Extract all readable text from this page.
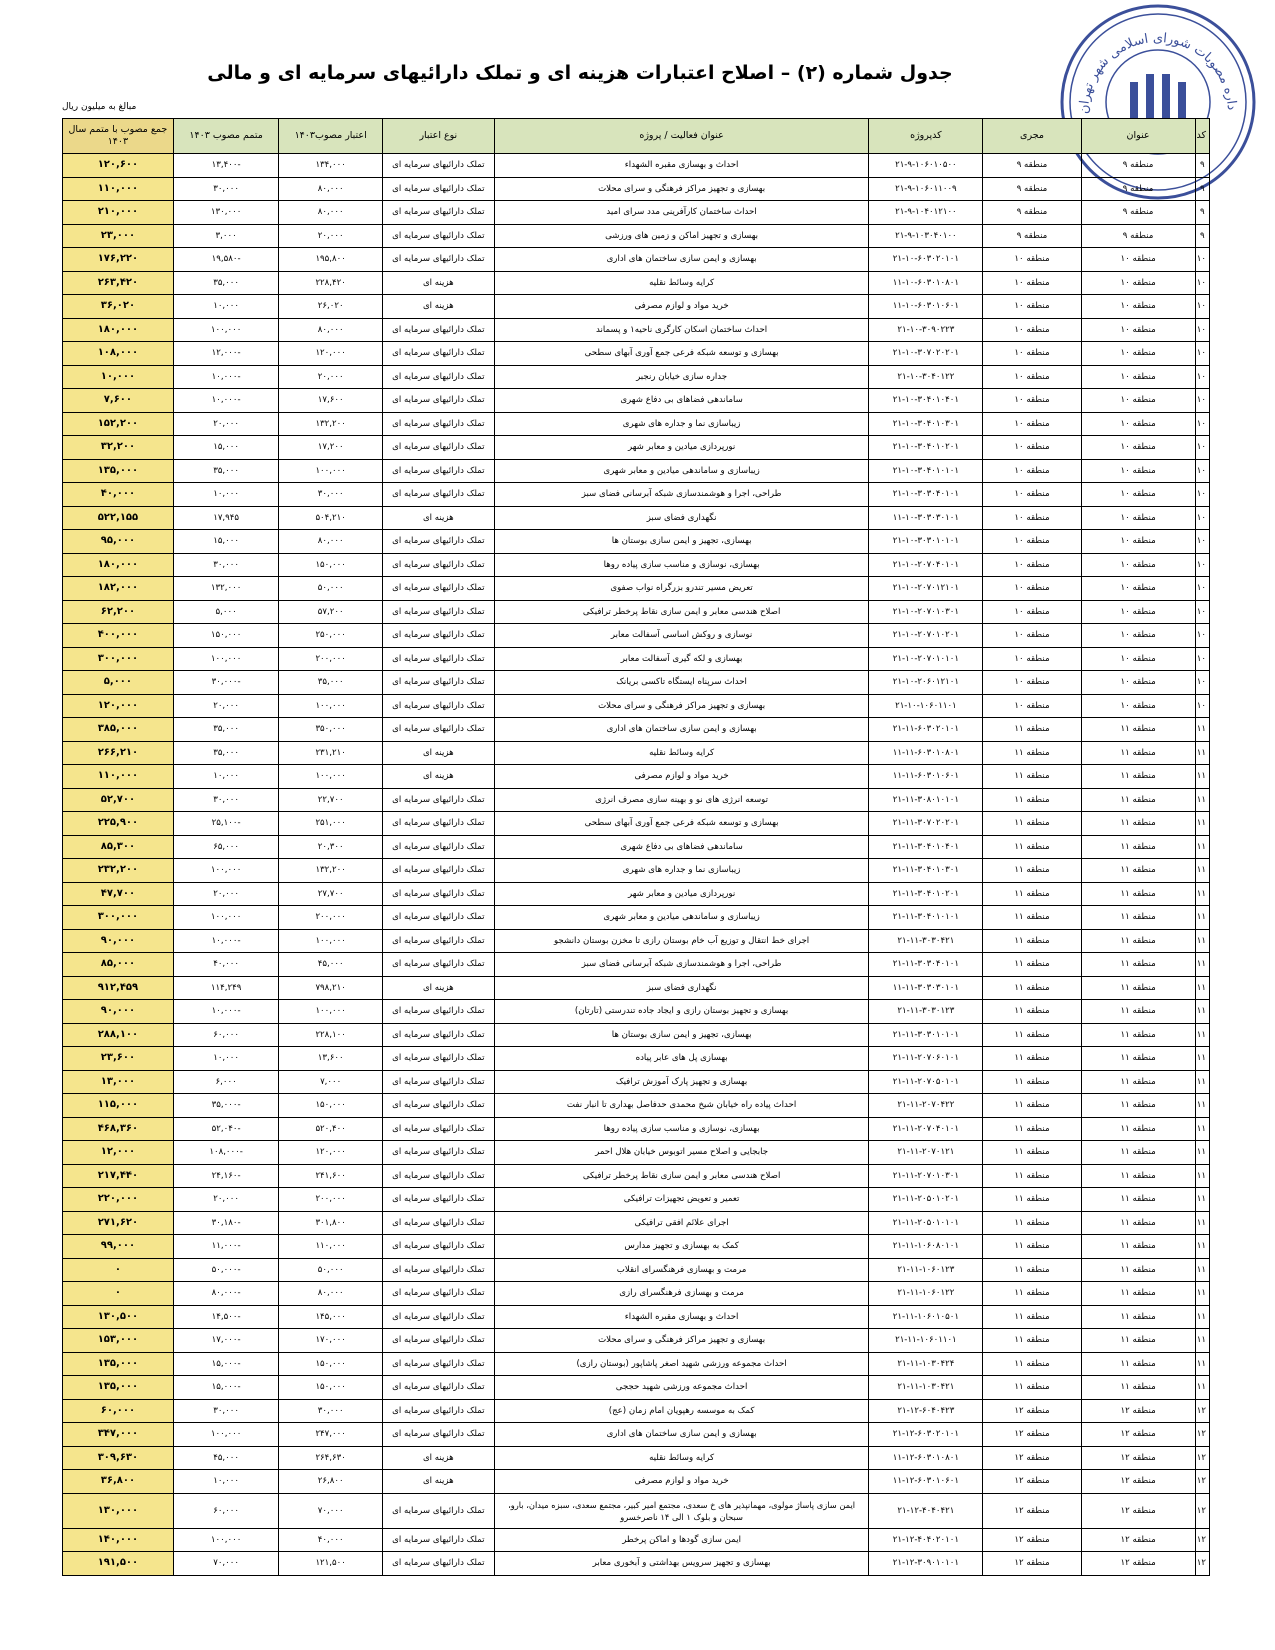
جدول شماره (۲) – اصلاح اعتبارات هزینه ای و تملک دارائیهای سرمایه ای و مالی
مبالغ به میلیون ریال	داره مصوبات شورای اسلامی شهر تهران
کد	عنوان	مجری	کدپروژه	عنوان فعالیت / پروژه	نوع اعتبار	اعتبار مصوب۱۴۰۳	متمم مصوب ۱۴۰۳	جمع مصوب با متمم سال ۱۴۰۳
۹	منطقه ۹	منطقه ۹	۲۱-۹-۱۰۶۰۱۰۵۰۰	احداث و بهسازی مقبره الشهداء	تملک دارائیهای سرمایه ای	۱۳۴,۰۰۰	-۱۳,۴۰۰	۱۲۰,۶۰۰
۹	منطقه ۹	منطقه ۹	۲۱-۹-۱۰۶۰۱۱۰۰۹	بهسازی و تجهیز مراکز فرهنگی و سرای محلات	تملک دارائیهای سرمایه ای	۸۰,۰۰۰	۳۰,۰۰۰	۱۱۰,۰۰۰
۹	منطقه ۹	منطقه ۹	۲۱-۹-۱۰۴۰۱۲۱۰۰	احداث ساختمان کارآفرینی مدد سرای امید	تملک دارائیهای سرمایه ای	۸۰,۰۰۰	۱۳۰,۰۰۰	۲۱۰,۰۰۰
۹	منطقه ۹	منطقه ۹	۲۱-۹-۱۰۳۰۴۰۱۰۰	بهسازی و تجهیز اماکن و زمین های ورزشی	تملک دارائیهای سرمایه ای	۲۰,۰۰۰	۳,۰۰۰	۲۳,۰۰۰
۱۰	منطقه ۱۰	منطقه ۱۰	۲۱-۱۰-۶۰۳۰۲۰۱۰۱	بهسازی و ایمن سازی ساختمان های اداری	تملک دارائیهای سرمایه ای	۱۹۵,۸۰۰	-۱۹,۵۸۰	۱۷۶,۲۲۰
۱۰	منطقه ۱۰	منطقه ۱۰	۱۱-۱۰-۶۰۳۰۱۰۸۰۱	کرایه وسائط نقلیه	هزینه ای	۲۲۸,۴۲۰	۳۵,۰۰۰	۲۶۳,۴۲۰
۱۰	منطقه ۱۰	منطقه ۱۰	۱۱-۱۰-۶۰۳۰۱۰۶۰۱	خرید مواد و لوازم مصرفی	هزینه ای	۲۶,۰۲۰	۱۰,۰۰۰	۳۶,۰۲۰
۱۰	منطقه ۱۰	منطقه ۱۰	۲۱-۱۰-۳۰۹۰۲۲۳	احداث ساختمان اسکان کارگری ناحیه۱ و پسماند	تملک دارائیهای سرمایه ای	۸۰,۰۰۰	۱۰۰,۰۰۰	۱۸۰,۰۰۰
۱۰	منطقه ۱۰	منطقه ۱۰	۲۱-۱۰-۳۰۷۰۲۰۲۰۱	بهسازی و توسعه شبکه فرعی جمع آوری آبهای سطحی	تملک دارائیهای سرمایه ای	۱۲۰,۰۰۰	-۱۲,۰۰۰	۱۰۸,۰۰۰
۱۰	منطقه ۱۰	منطقه ۱۰	۲۱-۱۰-۳۰۴۰۱۲۲	جداره سازی خیابان رنجبر	تملک دارائیهای سرمایه ای	۲۰,۰۰۰	-۱۰,۰۰۰	۱۰,۰۰۰
۱۰	منطقه ۱۰	منطقه ۱۰	۲۱-۱۰-۳۰۴۰۱۰۴۰۱	ساماندهی فضاهای بی دفاع شهری	تملک دارائیهای سرمایه ای	۱۷,۶۰۰	-۱۰,۰۰۰	۷,۶۰۰
۱۰	منطقه ۱۰	منطقه ۱۰	۲۱-۱۰-۳۰۴۰۱۰۳۰۱	زیباسازی نما و جداره های شهری	تملک دارائیهای سرمایه ای	۱۳۲,۲۰۰	۲۰,۰۰۰	۱۵۲,۲۰۰
۱۰	منطقه ۱۰	منطقه ۱۰	۲۱-۱۰-۳۰۴۰۱۰۲۰۱	نورپردازی میادین و معابر شهر	تملک دارائیهای سرمایه ای	۱۷,۲۰۰	۱۵,۰۰۰	۳۲,۲۰۰
۱۰	منطقه ۱۰	منطقه ۱۰	۲۱-۱۰-۳۰۴۰۱۰۱۰۱	زیباسازی و ساماندهی میادین و معابر شهری	تملک دارائیهای سرمایه ای	۱۰۰,۰۰۰	۳۵,۰۰۰	۱۳۵,۰۰۰
۱۰	منطقه ۱۰	منطقه ۱۰	۲۱-۱۰-۳۰۳۰۴۰۱۰۱	طراحی، اجرا و هوشمندسازی شبکه آبرسانی فضای سبز	تملک دارائیهای سرمایه ای	۳۰,۰۰۰	۱۰,۰۰۰	۴۰,۰۰۰
۱۰	منطقه ۱۰	منطقه ۱۰	۱۱-۱۰-۳۰۳۰۳۰۱۰۱	نگهداری فضای سبز	هزینه ای	۵۰۴,۲۱۰	۱۷,۹۴۵	۵۲۲,۱۵۵
۱۰	منطقه ۱۰	منطقه ۱۰	۲۱-۱۰-۳۰۳۰۱۰۱۰۱	بهسازی، تجهیز و ایمن سازی بوستان ها	تملک دارائیهای سرمایه ای	۸۰,۰۰۰	۱۵,۰۰۰	۹۵,۰۰۰
۱۰	منطقه ۱۰	منطقه ۱۰	۲۱-۱۰-۲۰۷۰۴۰۱۰۱	بهسازی، نوسازی و مناسب سازی پیاده روها	تملک دارائیهای سرمایه ای	۱۵۰,۰۰۰	۳۰,۰۰۰	۱۸۰,۰۰۰
۱۰	منطقه ۱۰	منطقه ۱۰	۲۱-۱۰-۲۰۷۰۱۲۱۰۱	تعریض مسیر تندرو بزرگراه نواب صفوی	تملک دارائیهای سرمایه ای	۵۰,۰۰۰	۱۳۲,۰۰۰	۱۸۲,۰۰۰
۱۰	منطقه ۱۰	منطقه ۱۰	۲۱-۱۰-۲۰۷۰۱۰۳۰۱	اصلاح هندسی معابر و ایمن سازی نقاط پرخطر ترافیکی	تملک دارائیهای سرمایه ای	۵۷,۲۰۰	۵,۰۰۰	۶۲,۲۰۰
۱۰	منطقه ۱۰	منطقه ۱۰	۲۱-۱۰-۲۰۷۰۱۰۲۰۱	نوسازی و روکش اساسی آسفالت معابر	تملک دارائیهای سرمایه ای	۲۵۰,۰۰۰	۱۵۰,۰۰۰	۴۰۰,۰۰۰
۱۰	منطقه ۱۰	منطقه ۱۰	۲۱-۱۰-۲۰۷۰۱۰۱۰۱	بهسازی و لکه گیری آسفالت معابر	تملک دارائیهای سرمایه ای	۲۰۰,۰۰۰	۱۰۰,۰۰۰	۳۰۰,۰۰۰
۱۰	منطقه ۱۰	منطقه ۱۰	۲۱-۱۰-۲۰۶۰۱۲۱۰۱	احداث سرپناه ایستگاه تاکسی بریانک	تملک دارائیهای سرمایه ای	۳۵,۰۰۰	-۳۰,۰۰۰	۵,۰۰۰
۱۰	منطقه ۱۰	منطقه ۱۰	۲۱-۱۰-۱۰۶۰۱۱۰۱	بهسازی و تجهیز مراکز فرهنگی و سرای محلات	تملک دارائیهای سرمایه ای	۱۰۰,۰۰۰	۲۰,۰۰۰	۱۲۰,۰۰۰
۱۱	منطقه ۱۱	منطقه ۱۱	۲۱-۱۱-۶۰۳۰۲۰۱۰۱	بهسازی و ایمن سازی ساختمان های اداری	تملک دارائیهای سرمایه ای	۳۵۰,۰۰۰	۳۵,۰۰۰	۳۸۵,۰۰۰
۱۱	منطقه ۱۱	منطقه ۱۱	۱۱-۱۱-۶۰۳۰۱۰۸۰۱	کرایه وسائط نقلیه	هزینه ای	۲۳۱,۲۱۰	۳۵,۰۰۰	۲۶۶,۲۱۰
۱۱	منطقه ۱۱	منطقه ۱۱	۱۱-۱۱-۶۰۳۰۱۰۶۰۱	خرید مواد و لوازم مصرفی	هزینه ای	۱۰۰,۰۰۰	۱۰,۰۰۰	۱۱۰,۰۰۰
۱۱	منطقه ۱۱	منطقه ۱۱	۲۱-۱۱-۳۰۸۰۱۰۱۰۱	توسعه انرژی های نو و بهینه سازی مصرف انرژی	تملک دارائیهای سرمایه ای	۲۲,۷۰۰	۳۰,۰۰۰	۵۲,۷۰۰
۱۱	منطقه ۱۱	منطقه ۱۱	۲۱-۱۱-۳۰۷۰۲۰۲۰۱	بهسازی و توسعه شبکه فرعی جمع آوری آبهای سطحی	تملک دارائیهای سرمایه ای	۲۵۱,۰۰۰	-۲۵,۱۰۰	۲۲۵,۹۰۰
۱۱	منطقه ۱۱	منطقه ۱۱	۲۱-۱۱-۳۰۴۰۱۰۴۰۱	ساماندهی فضاهای بی دفاع شهری	تملک دارائیهای سرمایه ای	۲۰,۳۰۰	۶۵,۰۰۰	۸۵,۳۰۰
۱۱	منطقه ۱۱	منطقه ۱۱	۲۱-۱۱-۳۰۴۰۱۰۳۰۱	زیباسازی نما و جداره های شهری	تملک دارائیهای سرمایه ای	۱۳۲,۲۰۰	۱۰۰,۰۰۰	۲۳۲,۲۰۰
۱۱	منطقه ۱۱	منطقه ۱۱	۲۱-۱۱-۳۰۴۰۱۰۲۰۱	نورپردازی میادین و معابر شهر	تملک دارائیهای سرمایه ای	۲۷,۷۰۰	۲۰,۰۰۰	۴۷,۷۰۰
۱۱	منطقه ۱۱	منطقه ۱۱	۲۱-۱۱-۳۰۴۰۱۰۱۰۱	زیباسازی و ساماندهی میادین و معابر شهری	تملک دارائیهای سرمایه ای	۲۰۰,۰۰۰	۱۰۰,۰۰۰	۳۰۰,۰۰۰
۱۱	منطقه ۱۱	منطقه ۱۱	۲۱-۱۱-۳۰۳۰۴۲۱	اجرای خط انتقال و توزیع آب خام بوستان رازی تا مخزن بوستان دانشجو	تملک دارائیهای سرمایه ای	۱۰۰,۰۰۰	-۱۰,۰۰۰	۹۰,۰۰۰
۱۱	منطقه ۱۱	منطقه ۱۱	۲۱-۱۱-۳۰۳۰۴۰۱۰۱	طراحی، اجرا و هوشمندسازی شبکه آبرسانی فضای سبز	تملک دارائیهای سرمایه ای	۴۵,۰۰۰	۴۰,۰۰۰	۸۵,۰۰۰
۱۱	منطقه ۱۱	منطقه ۱۱	۱۱-۱۱-۳۰۳۰۳۰۱۰۱	نگهداری فضای سبز	هزینه ای	۷۹۸,۲۱۰	۱۱۴,۲۴۹	۹۱۲,۴۵۹
۱۱	منطقه ۱۱	منطقه ۱۱	۲۱-۱۱-۳۰۳۰۱۲۳	بهسازی و تجهیز بوستان رازی و ایجاد جاده تندرستی (تارتان)	تملک دارائیهای سرمایه ای	۱۰۰,۰۰۰	-۱۰,۰۰۰	۹۰,۰۰۰
۱۱	منطقه ۱۱	منطقه ۱۱	۲۱-۱۱-۳۰۳۰۱۰۱۰۱	بهسازی، تجهیز و ایمن سازی بوستان ها	تملک دارائیهای سرمایه ای	۲۲۸,۱۰۰	۶۰,۰۰۰	۲۸۸,۱۰۰
۱۱	منطقه ۱۱	منطقه ۱۱	۲۱-۱۱-۲۰۷۰۶۰۱۰۱	بهسازی پل های عابر پیاده	تملک دارائیهای سرمایه ای	۱۳,۶۰۰	۱۰,۰۰۰	۲۳,۶۰۰
۱۱	منطقه ۱۱	منطقه ۱۱	۲۱-۱۱-۲۰۷۰۵۰۱۰۱	بهسازی و تجهیز پارک آموزش ترافیک	تملک دارائیهای سرمایه ای	۷,۰۰۰	۶,۰۰۰	۱۳,۰۰۰
۱۱	منطقه ۱۱	منطقه ۱۱	۲۱-۱۱-۲۰۷۰۴۲۲	احداث پیاده راه خیابان شیخ محمدی حدفاصل بهداری تا انبار نفت	تملک دارائیهای سرمایه ای	۱۵۰,۰۰۰	-۳۵,۰۰۰	۱۱۵,۰۰۰
۱۱	منطقه ۱۱	منطقه ۱۱	۲۱-۱۱-۲۰۷۰۴۰۱۰۱	بهسازی، نوسازی و مناسب سازی پیاده روها	تملک دارائیهای سرمایه ای	۵۲۰,۴۰۰	-۵۲,۰۴۰	۴۶۸,۳۶۰
۱۱	منطقه ۱۱	منطقه ۱۱	۲۱-۱۱-۲۰۷۰۱۲۱	جابجایی و اصلاح مسیر اتوبوس خیابان هلال احمر	تملک دارائیهای سرمایه ای	۱۲۰,۰۰۰	-۱۰۸,۰۰۰	۱۲,۰۰۰
۱۱	منطقه ۱۱	منطقه ۱۱	۲۱-۱۱-۲۰۷۰۱۰۳۰۱	اصلاح هندسی معابر و ایمن سازی نقاط پرخطر ترافیکی	تملک دارائیهای سرمایه ای	۲۴۱,۶۰۰	-۲۴,۱۶۰	۲۱۷,۴۴۰
۱۱	منطقه ۱۱	منطقه ۱۱	۲۱-۱۱-۲۰۵۰۱۰۲۰۱	تعمیر و تعویض تجهیزات ترافیکی	تملک دارائیهای سرمایه ای	۲۰۰,۰۰۰	۲۰,۰۰۰	۲۲۰,۰۰۰
۱۱	منطقه ۱۱	منطقه ۱۱	۲۱-۱۱-۲۰۵۰۱۰۱۰۱	اجرای علائم افقی ترافیکی	تملک دارائیهای سرمایه ای	۳۰۱,۸۰۰	-۳۰,۱۸۰	۲۷۱,۶۲۰
۱۱	منطقه ۱۱	منطقه ۱۱	۲۱-۱۱-۱۰۶۰۸۰۱۰۱	کمک به بهسازی و تجهیز مدارس	تملک دارائیهای سرمایه ای	۱۱۰,۰۰۰	-۱۱,۰۰۰	۹۹,۰۰۰
۱۱	منطقه ۱۱	منطقه ۱۱	۲۱-۱۱-۱۰۶۰۱۲۳	مرمت و بهسازی فرهنگسرای انقلاب	تملک دارائیهای سرمایه ای	۵۰,۰۰۰	-۵۰,۰۰۰	۰
۱۱	منطقه ۱۱	منطقه ۱۱	۲۱-۱۱-۱۰۶۰۱۲۲	مرمت و بهسازی فرهنگسرای رازی	تملک دارائیهای سرمایه ای	۸۰,۰۰۰	-۸۰,۰۰۰	۰
۱۱	منطقه ۱۱	منطقه ۱۱	۲۱-۱۱-۱۰۶۰۱۰۵۰۱	احداث و بهسازی مقبره الشهداء	تملک دارائیهای سرمایه ای	۱۴۵,۰۰۰	-۱۴,۵۰۰	۱۳۰,۵۰۰
۱۱	منطقه ۱۱	منطقه ۱۱	۲۱-۱۱-۱۰۶۰۱۱۰۱	بهسازی و تجهیز مراکز فرهنگی و سرای محلات	تملک دارائیهای سرمایه ای	۱۷۰,۰۰۰	-۱۷,۰۰۰	۱۵۳,۰۰۰
۱۱	منطقه ۱۱	منطقه ۱۱	۲۱-۱۱-۱۰۳۰۴۲۴	احداث مجموعه ورزشی شهید اصغر پاشاپور (بوستان رازی)	تملک دارائیهای سرمایه ای	۱۵۰,۰۰۰	-۱۵,۰۰۰	۱۳۵,۰۰۰
۱۱	منطقه ۱۱	منطقه ۱۱	۲۱-۱۱-۱۰۳۰۴۲۱	احداث مجموعه ورزشی شهید حججی	تملک دارائیهای سرمایه ای	۱۵۰,۰۰۰	-۱۵,۰۰۰	۱۳۵,۰۰۰
۱۲	منطقه ۱۲	منطقه ۱۲	۲۱-۱۲-۶۰۴۰۴۲۳	کمک به موسسه رهپویان امام زمان (عج)	تملک دارائیهای سرمایه ای	۳۰,۰۰۰	۳۰,۰۰۰	۶۰,۰۰۰
۱۲	منطقه ۱۲	منطقه ۱۲	۲۱-۱۲-۶۰۳۰۲۰۱۰۱	بهسازی و ایمن سازی ساختمان های اداری	تملک دارائیهای سرمایه ای	۲۴۷,۰۰۰	۱۰۰,۰۰۰	۳۴۷,۰۰۰
۱۲	منطقه ۱۲	منطقه ۱۲	۱۱-۱۲-۶۰۳۰۱۰۸۰۱	کرایه وسائط نقلیه	هزینه ای	۲۶۴,۶۳۰	۴۵,۰۰۰	۳۰۹,۶۳۰
۱۲	منطقه ۱۲	منطقه ۱۲	۱۱-۱۲-۶۰۳۰۱۰۶۰۱	خرید مواد و لوازم مصرفی	هزینه ای	۲۶,۸۰۰	۱۰,۰۰۰	۳۶,۸۰۰
۱۲	منطقه ۱۲	منطقه ۱۲	۲۱-۱۲-۴۰۴۰۴۲۱	ایمن سازی پاساژ مولوی، مهمانپذیر های خ سعدی، مجتمع امیر کبیر، مجتمع سعدی، سبزه میدان، بارو، سبحان و بلوک ۱ الی ۱۴ ناصرخسرو	تملک دارائیهای سرمایه ای	۷۰,۰۰۰	۶۰,۰۰۰	۱۳۰,۰۰۰
۱۲	منطقه ۱۲	منطقه ۱۲	۲۱-۱۲-۴۰۴۰۲۰۱۰۱	ایمن سازی گودها و اماکن پرخطر	تملک دارائیهای سرمایه ای	۴۰,۰۰۰	۱۰۰,۰۰۰	۱۴۰,۰۰۰
۱۲	منطقه ۱۲	منطقه ۱۲	۲۱-۱۲-۳۰۹۰۱۰۱۰۱	بهسازی و تجهیز سرویس بهداشتی و آبخوری معابر	تملک دارائیهای سرمایه ای	۱۲۱,۵۰۰	۷۰,۰۰۰	۱۹۱,۵۰۰
